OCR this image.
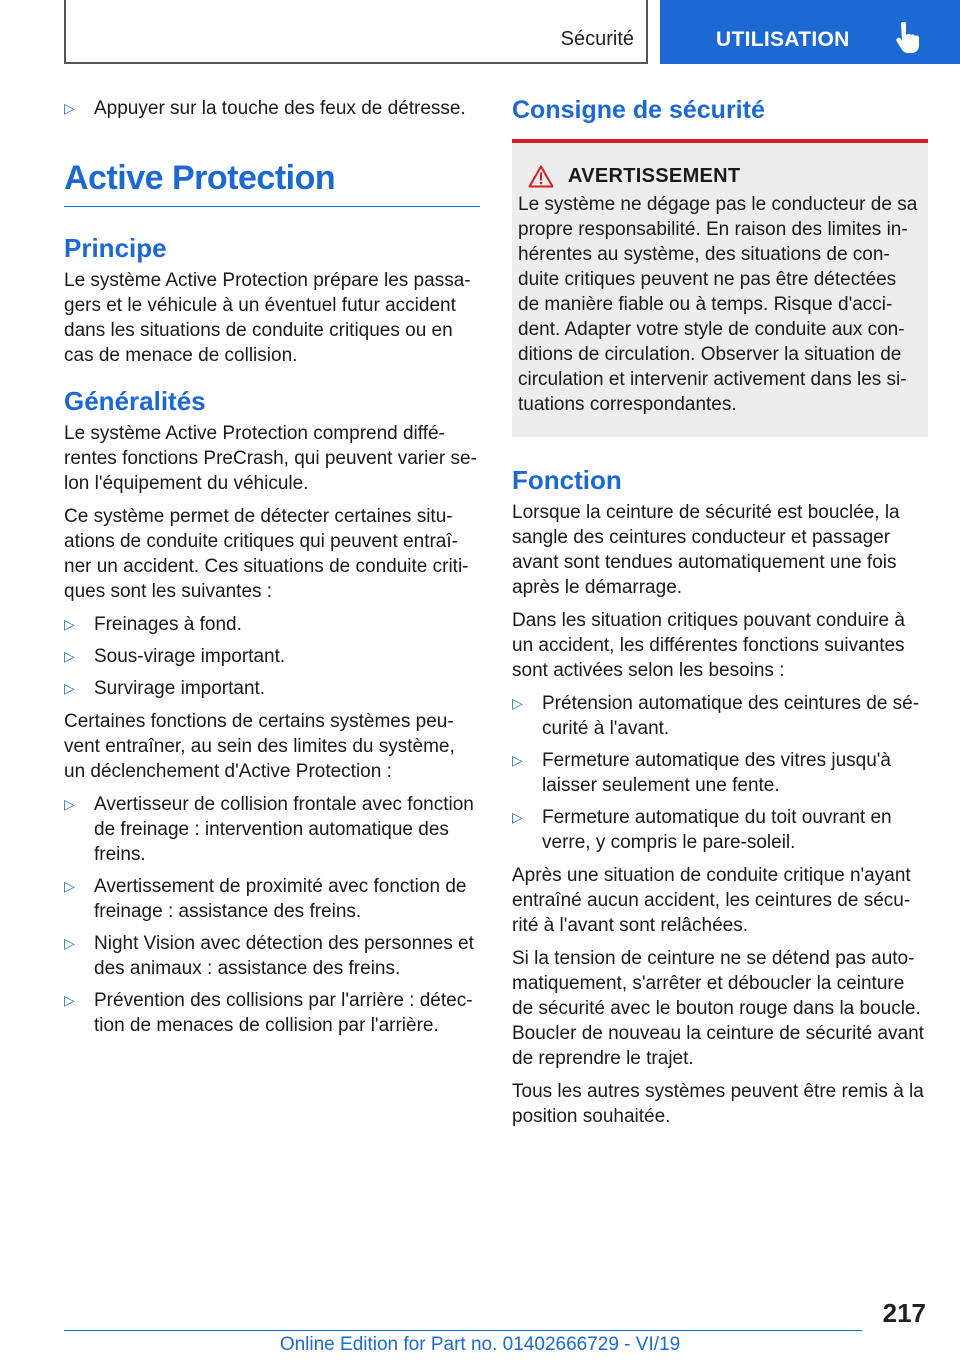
Sécurité	UTILISATION
▷ Appuyer sur la touche des feux de détresse.
Active Protection
Principe

Le système Active Protection prépare les passa-gers et le véhicule à un éventuel futur accident dans les situations de conduite critiques ou en cas de menace de collision.

Généralités

Le système Active Protection comprend diffé-rentes fonctions PreCrash, qui peuvent varier se-lon l'équipement du véhicule.

Ce système permet de détecter certaines situ-ations de conduite critiques qui peuvent entraî-ner un accident. Ces situations de conduite criti-ques sont les suivantes :

▷ Freinages à fond.
▷ Sous-virage important.
▷ Survirage important.

Certaines fonctions de certains systèmes peu-vent entraîner, au sein des limites du système, un déclenchement d'Active Protection :

▷ Avertisseur de collision frontale avec fonction de freinage : intervention automatique des freins.
▷ Avertissement de proximité avec fonction de freinage : assistance des freins.
▷ Night Vision avec détection des personnes et des animaux : assistance des freins.
▷ Prévention des collisions par l'arrière : détec-tion de menaces de collision par l'arrière.
Consigne de sécurité
AVERTISSEMENT

Le système ne dégage pas le conducteur de sa propre responsabilité. En raison des limites in-hérentes au système, des situations de con-duite critiques peuvent ne pas être détectées de manière fiable ou à temps. Risque d'acci-dent. Adapter votre style de conduite aux con-ditions de circulation. Observer la situation de circulation et intervenir activement dans les si-tuations correspondantes.

Fonction

Lorsque la ceinture de sécurité est bouclée, la sangle des ceintures conducteur et passager avant sont tendues automatiquement une fois après le démarrage.

Dans les situation critiques pouvant conduire à un accident, les différentes fonctions suivantes sont activées selon les besoins :

▷ Prétension automatique des ceintures de sé-curité à l'avant.
▷ Fermeture automatique des vitres jusqu'à laisser seulement une fente.
▷ Fermeture automatique du toit ouvrant en verre, y compris le pare-soleil.

Après une situation de conduite critique n'ayant entraîné aucun accident, les ceintures de sécu-rité à l'avant sont relâchées.

Si la tension de ceinture ne se détend pas auto-matiquement, s'arrêter et déboucler la ceinture de sécurité avec le bouton rouge dans la boucle. Boucler de nouveau la ceinture de sécurité avant de reprendre le trajet.

Tous les autres systèmes peuvent être remis à la position souhaitée.

217
Online Edition for Part no. 01402666729 - VI/19
